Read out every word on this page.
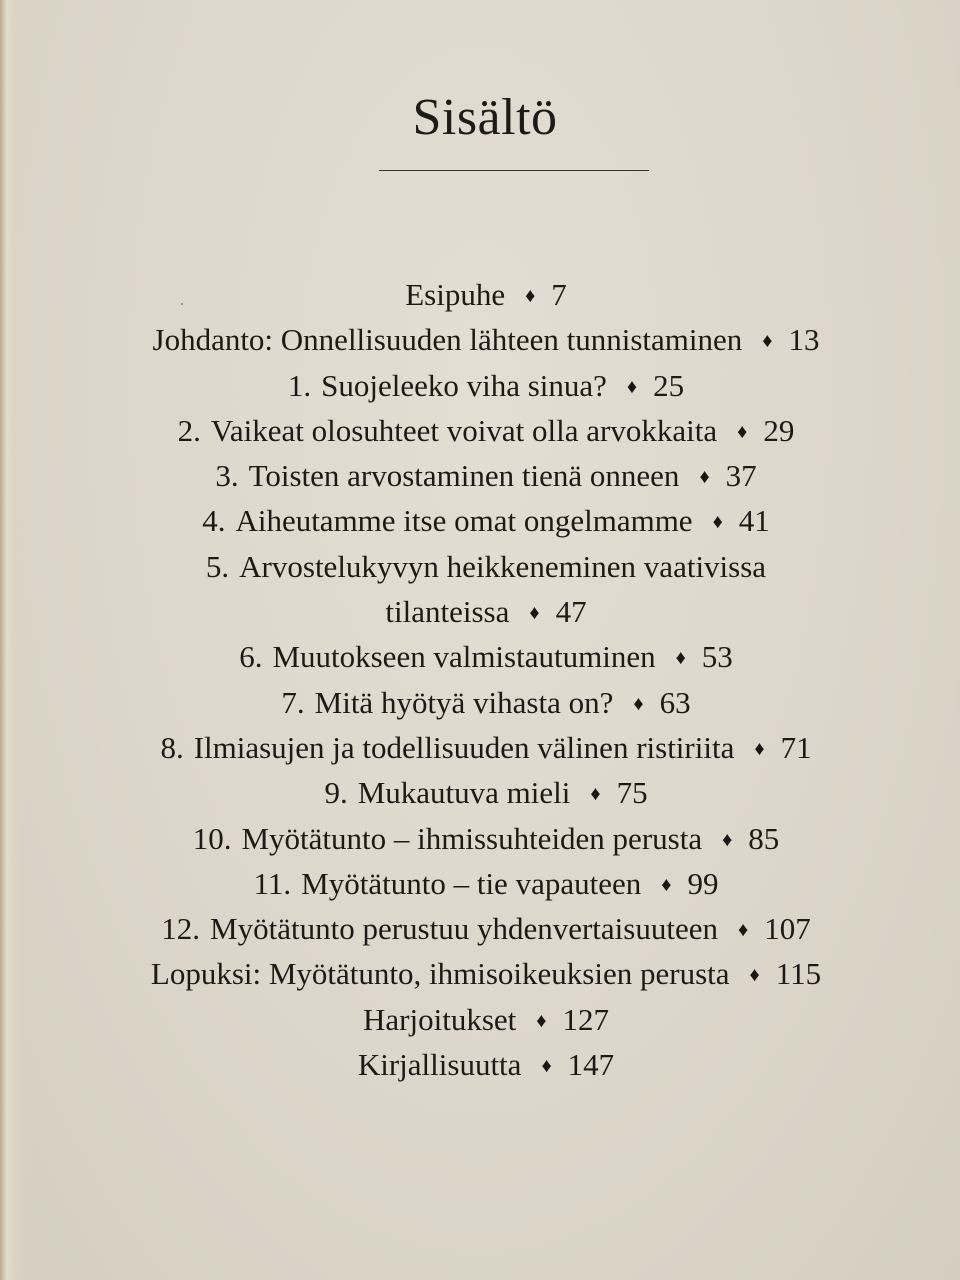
Sisältö
Esipuhe ♦ 7
Johdanto: Onnellisuuden lähteen tunnistaminen ♦ 13
1. Suojeleeko viha sinua? ♦ 25
2. Vaikeat olosuhteet voivat olla arvokkaita ♦ 29
3. Toisten arvostaminen tienä onneen ♦ 37
4. Aiheutamme itse omat ongelmamme ♦ 41
5. Arvostelukyvyn heikkeneminen vaativissa
tilanteissa ♦ 47
6. Muutokseen valmistautuminen ♦ 53
7. Mitä hyötyä vihasta on? ♦ 63
8. Ilmiasujen ja todellisuuden välinen ristiriita ♦ 71
9. Mukautuva mieli ♦ 75
10. Myötätunto – ihmissuhteiden perusta ♦ 85
11. Myötätunto – tie vapauteen ♦ 99
12. Myötätunto perustuu yhdenvertaisuuteen ♦ 107
Lopuksi: Myötätunto, ihmisoikeuksien perusta ♦ 115
Harjoitukset ♦ 127
Kirjallisuutta ♦ 147
